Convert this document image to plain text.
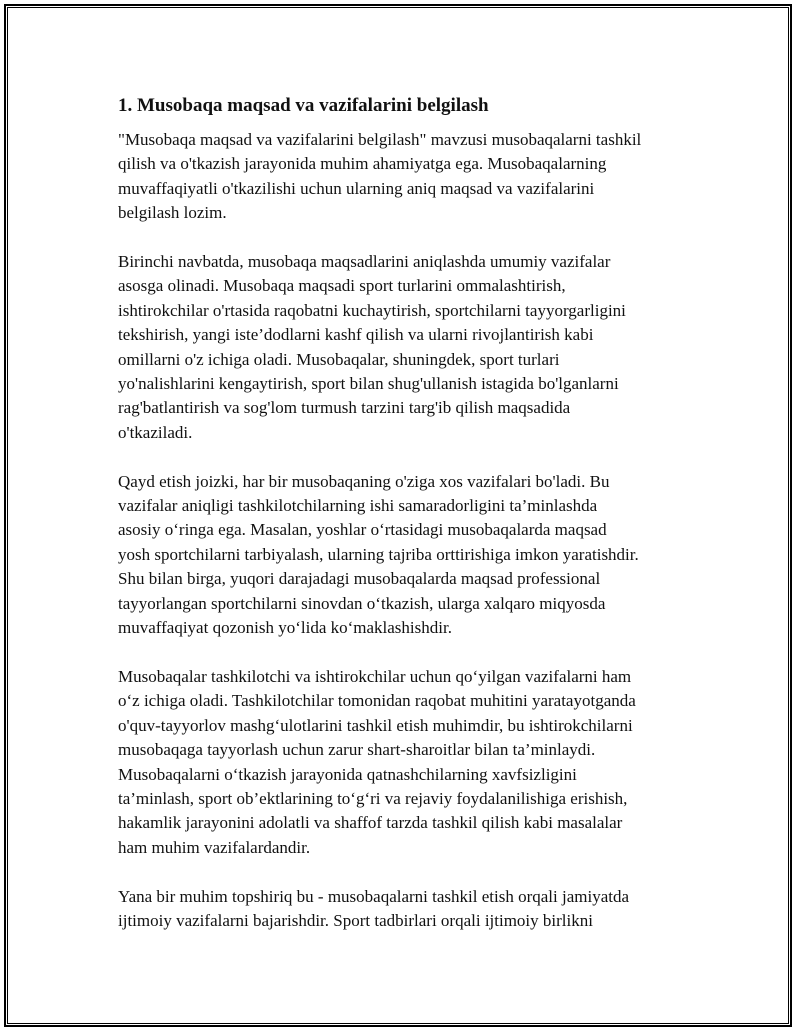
1. Musobaqa maqsad va vazifalarini belgilash

"Musobaqa maqsad va vazifalarini belgilash" mavzusi musobaqalarni tashkil
qilish va o'tkazish jarayonida muhim ahamiyatga ega. Musobaqalarning
muvaffaqiyatli o'tkazilishi uchun ularning aniq maqsad va vazifalarini
belgilash lozim.

Birinchi navbatda, musobaqa maqsadlarini aniqlashda umumiy vazifalar
asosga olinadi. Musobaqa maqsadi sport turlarini ommalashtirish,
ishtirokchilar o'rtasida raqobatni kuchaytirish, sportchilarni tayyorgarligini
tekshirish, yangi iste’dodlarni kashf qilish va ularni rivojlantirish kabi
omillarni o'z ichiga oladi. Musobaqalar, shuningdek, sport turlari
yo'nalishlarini kengaytirish, sport bilan shug'ullanish istagida bo'lganlarni
rag'batlantirish va sog'lom turmush tarzini targ'ib qilish maqsadida
o'tkaziladi.

Qayd etish joizki, har bir musobaqaning o'ziga xos vazifalari bo'ladi. Bu
vazifalar aniqligi tashkilotchilarning ishi samaradorligini ta’minlashda
asosiy oʻringa ega. Masalan, yoshlar oʻrtasidagi musobaqalarda maqsad
yosh sportchilarni tarbiyalash, ularning tajriba orttirishiga imkon yaratishdir.
Shu bilan birga, yuqori darajadagi musobaqalarda maqsad professional
tayyorlangan sportchilarni sinovdan oʻtkazish, ularga xalqaro miqyosda
muvaffaqiyat qozonish yoʻlida koʻmaklashishdir.

Musobaqalar tashkilotchi va ishtirokchilar uchun qoʻyilgan vazifalarni ham
oʻz ichiga oladi. Tashkilotchilar tomonidan raqobat muhitini yaratayotganda
o'quv-tayyorlov mashgʻulotlarini tashkil etish muhimdir, bu ishtirokchilarni
musobaqaga tayyorlash uchun zarur shart-sharoitlar bilan ta’minlaydi.
Musobaqalarni oʻtkazish jarayonida qatnashchilarning xavfsizligini
ta’minlash, sport ob’ektlarining toʻgʻri va rejaviy foydalanilishiga erishish,
hakamlik jarayonini adolatli va shaffof tarzda tashkil qilish kabi masalalar
ham muhim vazifalardandir.

Yana bir muhim topshiriq bu - musobaqalarni tashkil etish orqali jamiyatda
ijtimoiy vazifalarni bajarishdir. Sport tadbirlari orqali ijtimoiy birlikni
